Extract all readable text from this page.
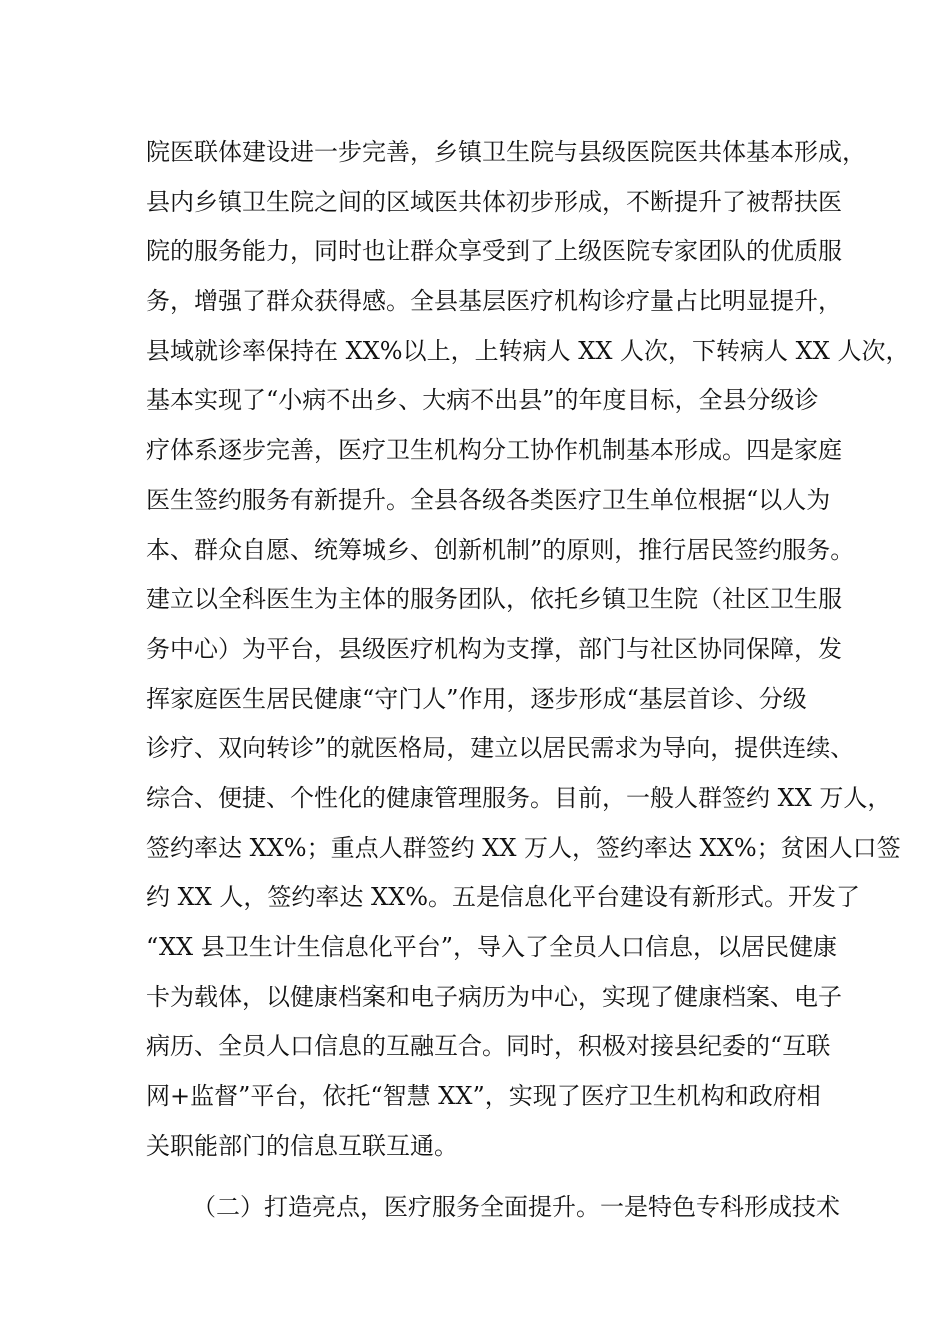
院医联体建设进一步完善，乡镇卫生院与县级医院医共体基本形成，
县内乡镇卫生院之间的区域医共体初步形成，不断提升了被帮扶医
院的服务能力，同时也让群众享受到了上级医院专家团队的优质服
务，增强了群众获得感。全县基层医疗机构诊疗量占比明显提升，
县域就诊率保持在 XX%以上，上转病人 XX 人次，下转病人 XX 人次，
基本实现了“小病不出乡、大病不出县”的年度目标，全县分级诊
疗体系逐步完善，医疗卫生机构分工协作机制基本形成。四是家庭
医生签约服务有新提升。全县各级各类医疗卫生单位根据“以人为
本、群众自愿、统筹城乡、创新机制”的原则，推行居民签约服务。
建立以全科医生为主体的服务团队，依托乡镇卫生院（社区卫生服
务中心）为平台，县级医疗机构为支撑，部门与社区协同保障，发
挥家庭医生居民健康“守门人”作用，逐步形成“基层首诊、分级
诊疗、双向转诊”的就医格局，建立以居民需求为导向，提供连续、
综合、便捷、个性化的健康管理服务。目前，一般人群签约 XX 万人，
签约率达 XX%；重点人群签约 XX 万人，签约率达 XX%；贫困人口签
约 XX 人，签约率达 XX%。五是信息化平台建设有新形式。开发了
“XX 县卫生计生信息化平台”，导入了全员人口信息，以居民健康
卡为载体，以健康档案和电子病历为中心，实现了健康档案、电子
病历、全员人口信息的互融互合。同时，积极对接县纪委的“互联
网+监督”平台，依托“智慧 XX”，实现了医疗卫生机构和政府相
关职能部门的信息互联互通。
（二）打造亮点，医疗服务全面提升。一是特色专科形成技术
